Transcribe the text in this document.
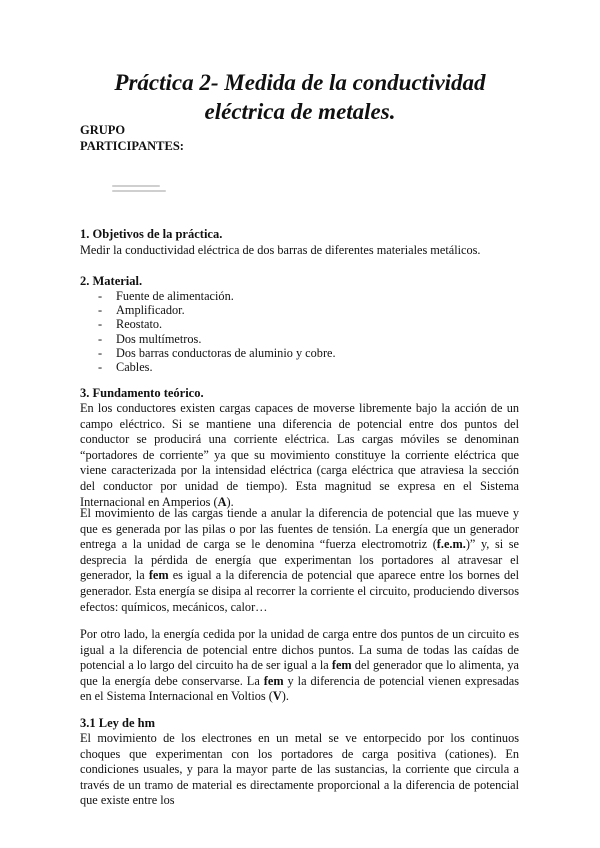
Práctica 2- Medida de la conductividad
eléctrica de metales.
GRUPO
PARTICIPANTES:
1. Objetivos de la práctica.
Medir la conductividad eléctrica de dos barras de diferentes materiales metálicos.
2. Material.
- Fuente de alimentación.
- Amplificador.
- Reostato.
- Dos multímetros.
- Dos barras conductoras de aluminio y cobre.
- Cables.
3. Fundamento teórico.
En los conductores existen cargas capaces de moverse libremente bajo la acción de un campo eléctrico. Si se mantiene una diferencia de potencial entre dos puntos del conductor se producirá una corriente eléctrica. Las cargas móviles se denominan “portadores de corriente” ya que su movimiento constituye la corriente eléctrica que viene caracterizada por la intensidad eléctrica (carga eléctrica que atraviesa la sección del conductor por unidad de tiempo). Esta magnitud se expresa en el Sistema Internacional en Amperios (A).
El movimiento de las cargas tiende a anular la diferencia de potencial que las mueve y que es generada por las pilas o por las fuentes de tensión. La energía que un generador entrega a la unidad de carga se le denomina “fuerza electromotriz (f.e.m.)” y, si se desprecia la pérdida de energía que experimentan los portadores al atravesar el generador, la fem es igual a la diferencia de potencial que aparece entre los bornes del generador. Esta energía se disipa al recorrer la corriente el circuito, produciendo diversos efectos: químicos, mecánicos, calor…
Por otro lado, la energía cedida por la unidad de carga entre dos puntos de un circuito es igual a la diferencia de potencial entre dichos puntos. La suma de todas las caídas de potencial a lo largo del circuito ha de ser igual a la fem del generador que lo alimenta, ya que la energía debe conservarse. La fem y la diferencia de potencial vienen expresadas en el Sistema Internacional en Voltios (V).
3.1 Ley de hm
El movimiento de los electrones en un metal se ve entorpecido por los continuos choques que experimentan con los portadores de carga positiva (cationes). En condiciones usuales, y para la mayor parte de las sustancias, la corriente que circula a través de un tramo de material es directamente proporcional a la diferencia de potencial que existe entre los
